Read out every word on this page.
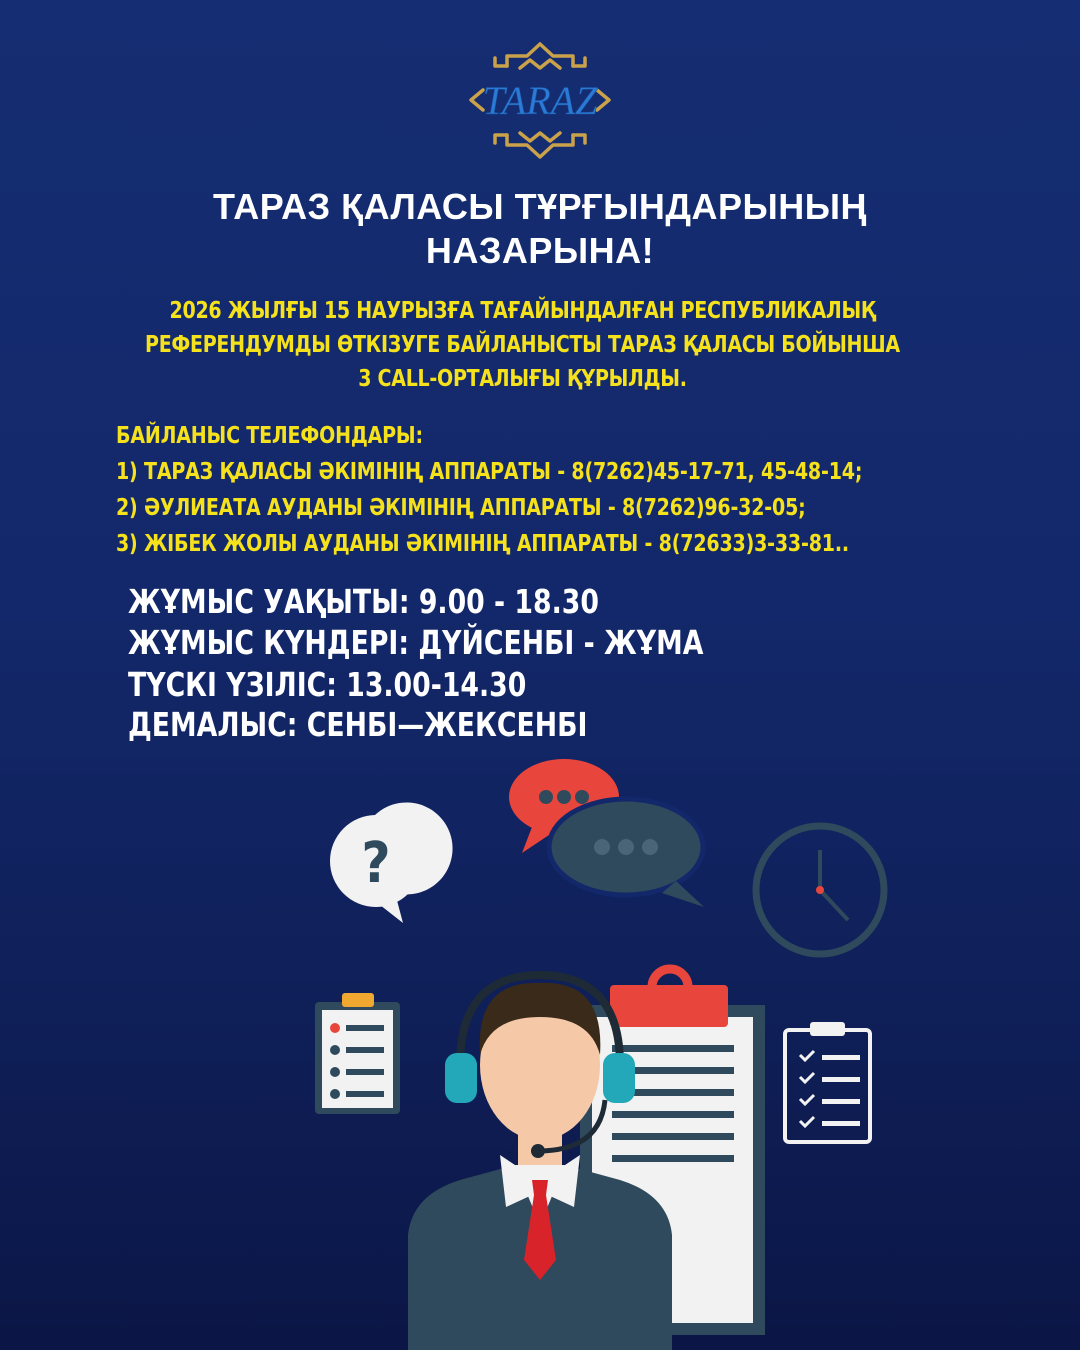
TARAZ
ТАРАЗ ҚАЛАСЫ ТҰРҒЫНДАРЫНЫҢ
НАЗАРЫНА!
2026 ЖЫЛҒЫ 15 НАУРЫЗҒА ТАҒАЙЫНДАЛҒАН РЕСПУБЛИКАЛЫҚ
РЕФЕРЕНДУМДЫ ӨТКІЗУГЕ БАЙЛАНЫСТЫ ТАРАЗ ҚАЛАСЫ БОЙЫНША
3 CALL-ОРТАЛЫҒЫ ҚҰРЫЛДЫ.
БАЙЛАНЫС ТЕЛЕФОНДАРЫ:
1) ТАРАЗ ҚАЛАСЫ ӘКІМІНІҢ АППАРАТЫ - 8(7262)45-17-71, 45-48-14;
2) ӘУЛИЕАТА АУДАНЫ ӘКІМІНІҢ АППАРАТЫ - 8(7262)96-32-05;
3) ЖІБЕК ЖОЛЫ АУДАНЫ ӘКІМІНІҢ АППАРАТЫ - 8(72633)3-33-81..
ЖҰМЫС УАҚЫТЫ: 9.00 - 18.30
ЖҰМЫС КҮНДЕРІ: ДҮЙСЕНБІ - ЖҰМА
ТҮСКІ ҮЗІЛІС: 13.00-14.30
ДЕМАЛЫС: СЕНБІ—ЖЕКСЕНБІ
?
